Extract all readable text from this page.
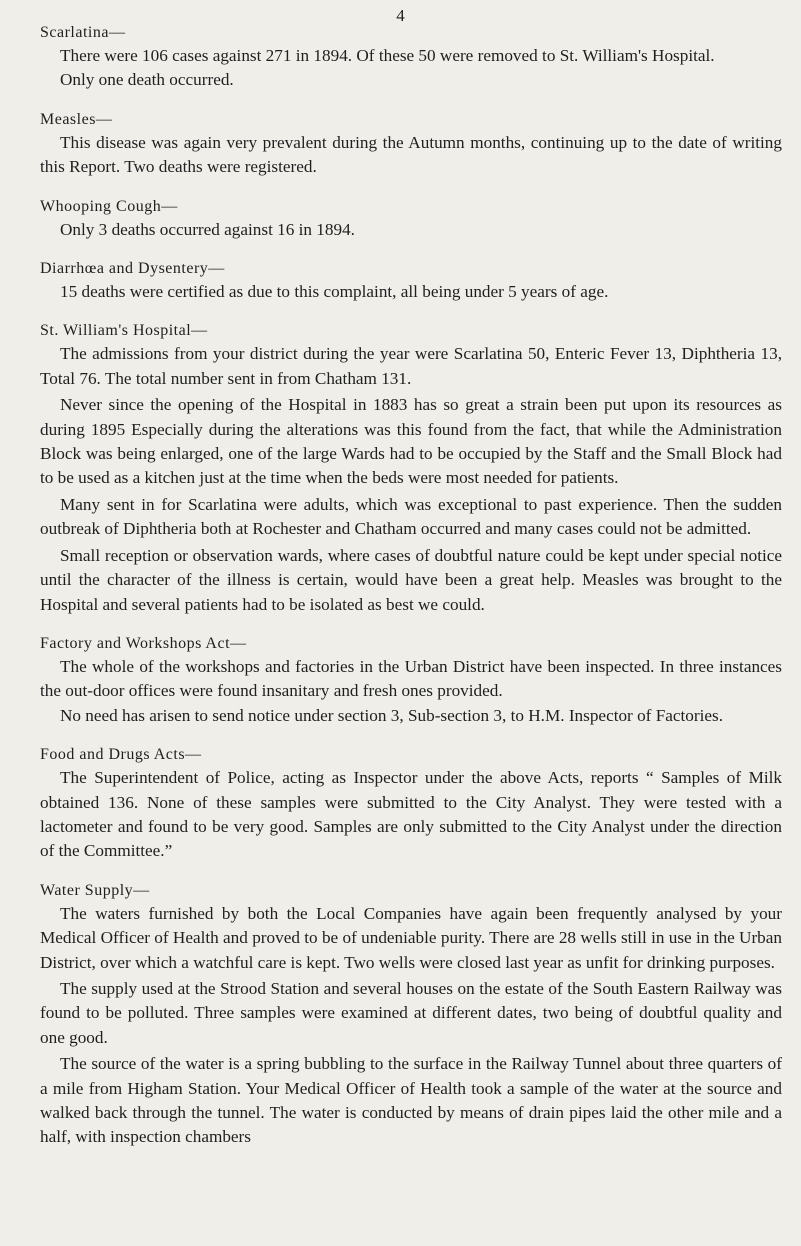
4
Scarlatina—

There were 106 cases against 271 in 1894. Of these 50 were removed to St. William's Hospital.

Only one death occurred.

Measles—

This disease was again very prevalent during the Autumn months, continuing up to the date of writing this Report. Two deaths were registered.

Whooping Cough—

Only 3 deaths occurred against 16 in 1894.

Diarrhœa and Dysentery—

15 deaths were certified as due to this complaint, all being under 5 years of age.

St. William's Hospital—

The admissions from your district during the year were Scarlatina 50, Enteric Fever 13, Diphtheria 13, Total 76. The total number sent in from Chatham 131.

Never since the opening of the Hospital in 1883 has so great a strain been put upon its resources as during 1895 Especially during the alterations was this found from the fact, that while the Administration Block was being enlarged, one of the large Wards had to be occupied by the Staff and the Small Block had to be used as a kitchen just at the time when the beds were most needed for patients.

Many sent in for Scarlatina were adults, which was exceptional to past experience. Then the sudden outbreak of Diphtheria both at Rochester and Chatham occurred and many cases could not be admitted.

Small reception or observation wards, where cases of doubtful nature could be kept under special notice until the character of the illness is certain, would have been a great help. Measles was brought to the Hospital and several patients had to be isolated as best we could.

Factory and Workshops Act—

The whole of the workshops and factories in the Urban District have been inspected. In three instances the out-door offices were found insanitary and fresh ones provided.

No need has arisen to send notice under section 3, Sub-section 3, to H.M. Inspector of Factories.

Food and Drugs Acts—

The Superintendent of Police, acting as Inspector under the above Acts, reports “ Samples of Milk obtained 136. None of these samples were submitted to the City Analyst. They were tested with a lactometer and found to be very good. Samples are only submitted to the City Analyst under the direction of the Committee.”

Water Supply—

The waters furnished by both the Local Companies have again been frequently analysed by your Medical Officer of Health and proved to be of undeniable purity. There are 28 wells still in use in the Urban District, over which a watchful care is kept. Two wells were closed last year as unfit for drinking purposes.

The supply used at the Strood Station and several houses on the estate of the South Eastern Railway was found to be polluted. Three samples were examined at different dates, two being of doubtful quality and one good.

The source of the water is a spring bubbling to the surface in the Railway Tunnel about three quarters of a mile from Higham Station. Your Medical Officer of Health took a sample of the water at the source and walked back through the tunnel. The water is conducted by means of drain pipes laid the other mile and a half, with inspection chambers
